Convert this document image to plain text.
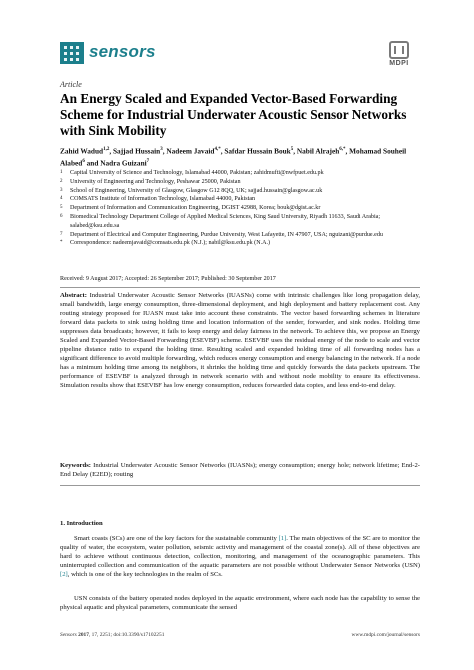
sensors
MDPI
Article
An Energy Scaled and Expanded Vector-Based Forwarding Scheme for Industrial Underwater Acoustic Sensor Networks with Sink Mobility
Zahid Wadud$^{1,2}$, Sajjad Hussain$^3$, Nadeem Javaid$^{4,*}$, Safdar Hussain Bouk$^5$, Nabil Alrajeh$^{6,*}$, Mohamad Souheil Alabed$^6$ and Nadra Guizani$^7$
1	Capital University of Science and Technology, Islamabad 44000, Pakistan; zahidmufti@nwfpuet.edu.pk
2	University of Engineering and Technology, Peshawar 25000, Pakistan
3	School of Engineering, University of Glasgow, Glasgow G12 8QQ, UK; sajjad.hussain@glasgow.ac.uk
4	COMSATS Institute of Information Technology, Islamabad 44000, Pakistan
5	Department of Information and Communication Engineering, DGIST 42988, Korea; bouk@dgist.ac.kr
6	Biomedical Technology Department College of Applied Medical Sciences, King Saud University, Riyadh 11633, Saudi Arabia; salabed@ksu.edu.sa
7	Department of Electrical and Computer Engineering, Purdue University, West Lafayette, IN 47907, USA; nguizani@purdue.edu
*	Correspondence: nadeemjavaid@comsats.edu.pk (N.J.); nabil@ksu.edu.pk (N.A.)
Received: 9 August 2017; Accepted: 26 September 2017; Published: 30 September 2017
Abstract: Industrial Underwater Acoustic Sensor Networks (IUASNs) come with intrinsic challenges like long propagation delay, small bandwidth, large energy consumption, three-dimensional deployment, and high deployment and battery replacement cost. Any routing strategy proposed for IUASN must take into account these constraints. The vector based forwarding schemes in literature forward data packets to sink using holding time and location information of the sender, forwarder, and sink nodes. Holding time suppresses data broadcasts; however, it fails to keep energy and delay fairness in the network. To achieve this, we propose an Energy Scaled and Expanded Vector-Based Forwarding (ESEVBF) scheme. ESEVBF uses the residual energy of the node to scale and vector pipeline distance ratio to expand the holding time. Resulting scaled and expanded holding time of all forwarding nodes has a significant difference to avoid multiple forwarding, which reduces energy consumption and energy balancing in the network. If a node has a minimum holding time among its neighbors, it shrinks the holding time and quickly forwards the data packets upstream. The performance of ESEVBF is analyzed through in network scenario with and without node mobility to ensure its effectiveness. Simulation results show that ESEVBF has low energy consumption, reduces forwarded data copies, and less end-to-end delay.
Keywords: Industrial Underwater Acoustic Sensor Networks (IUASNs); energy consumption; energy hole; network lifetime; End-2-End Delay (E2ED); routing
1. Introduction
Smart coasts (SCs) are one of the key factors for the sustainable community [1]. The main objectives of the SC are to monitor the quality of water, the ecosystem, water pollution, seismic activity and management of the coastal zone(s). All of these objectives are hard to achieve without continuous detection, collection, monitoring, and management of the oceanographic parameters. This uninterrupted collection and communication of the aquatic parameters are not possible without Underwater Sensor Networks (USN) [2], which is one of the key technologies in the realm of SCs.
USN consists of the battery operated nodes deployed in the aquatic environment, where each node has the capability to sense the physical aquatic and physical parameters, communicate the sensed
Sensors 2017, 17, 2251; doi:10.3390/s17102251	www.mdpi.com/journal/sensors
